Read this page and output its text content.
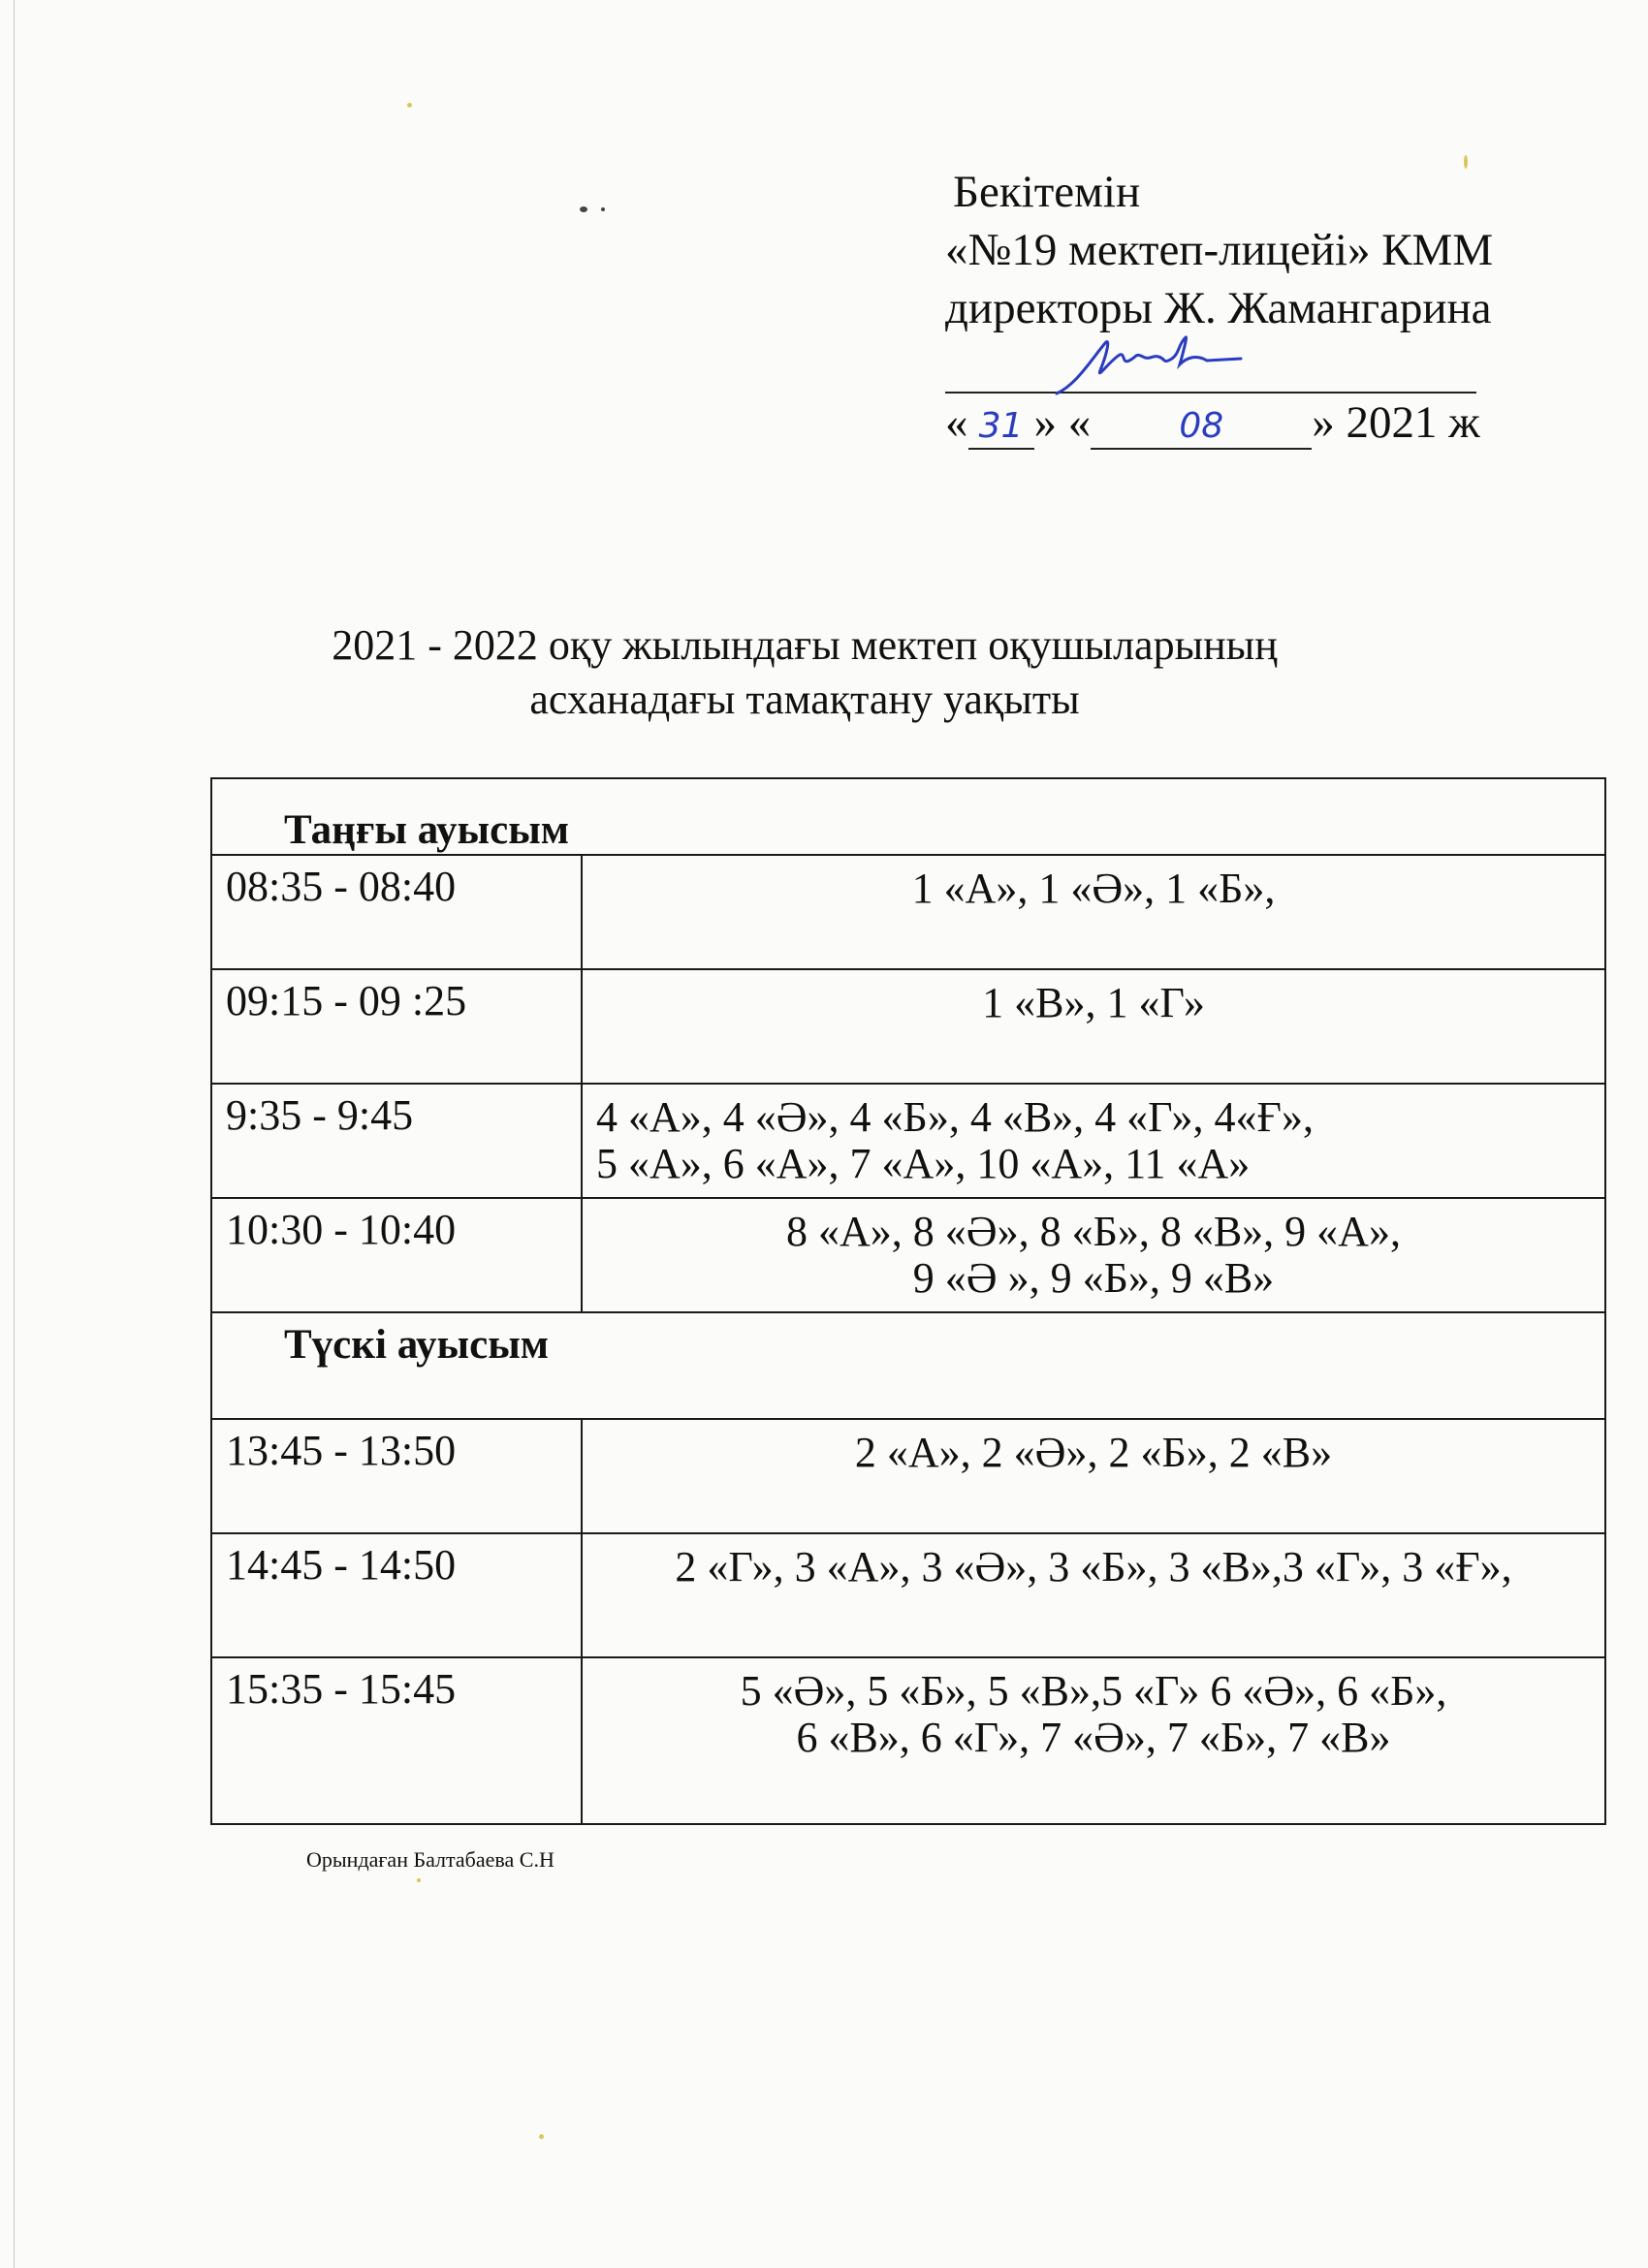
Бекітемін
«№19 мектеп-лицейі» КММ
директоры Ж. Жамангарина
« 31 » «	08 » 2021 ж
2021 - 2022 оқу жылындағы мектеп оқушыларының
асханадағы тамақтану уақыты
Таңғы ауысым	
08:35 - 08:40	1 «А», 1 «Ә», 1 «Б»,

09:15 - 09 :25	1 «В», 1 «Г»

9:35 - 9:45	4 «А», 4 «Ә», 4 «Б», 4 «В», 4 «Г», 4«Ғ»,
5 «А», 6 «А», 7 «А», 10 «А», 11 «А»

10:30 - 10:40	8 «А», 8 «Ә», 8 «Б», 8 «В», 9 «А»,
9 «Ә », 9 «Б», 9 «В»

Түскі ауысым	
13:45 - 13:50	2 «А», 2 «Ә», 2 «Б», 2 «В»

14:45 - 14:50	2 «Г», 3 «А», 3 «Ә», 3 «Б», 3 «В»,3 «Г», 3 «Ғ»,

15:35 - 15:45	5 «Ә», 5 «Б», 5 «В»,5 «Г» 6 «Ә», 6 «Б»,
6 «В», 6 «Г», 7 «Ә», 7 «Б», 7 «В»
Орындаған Балтабаева С.Н
